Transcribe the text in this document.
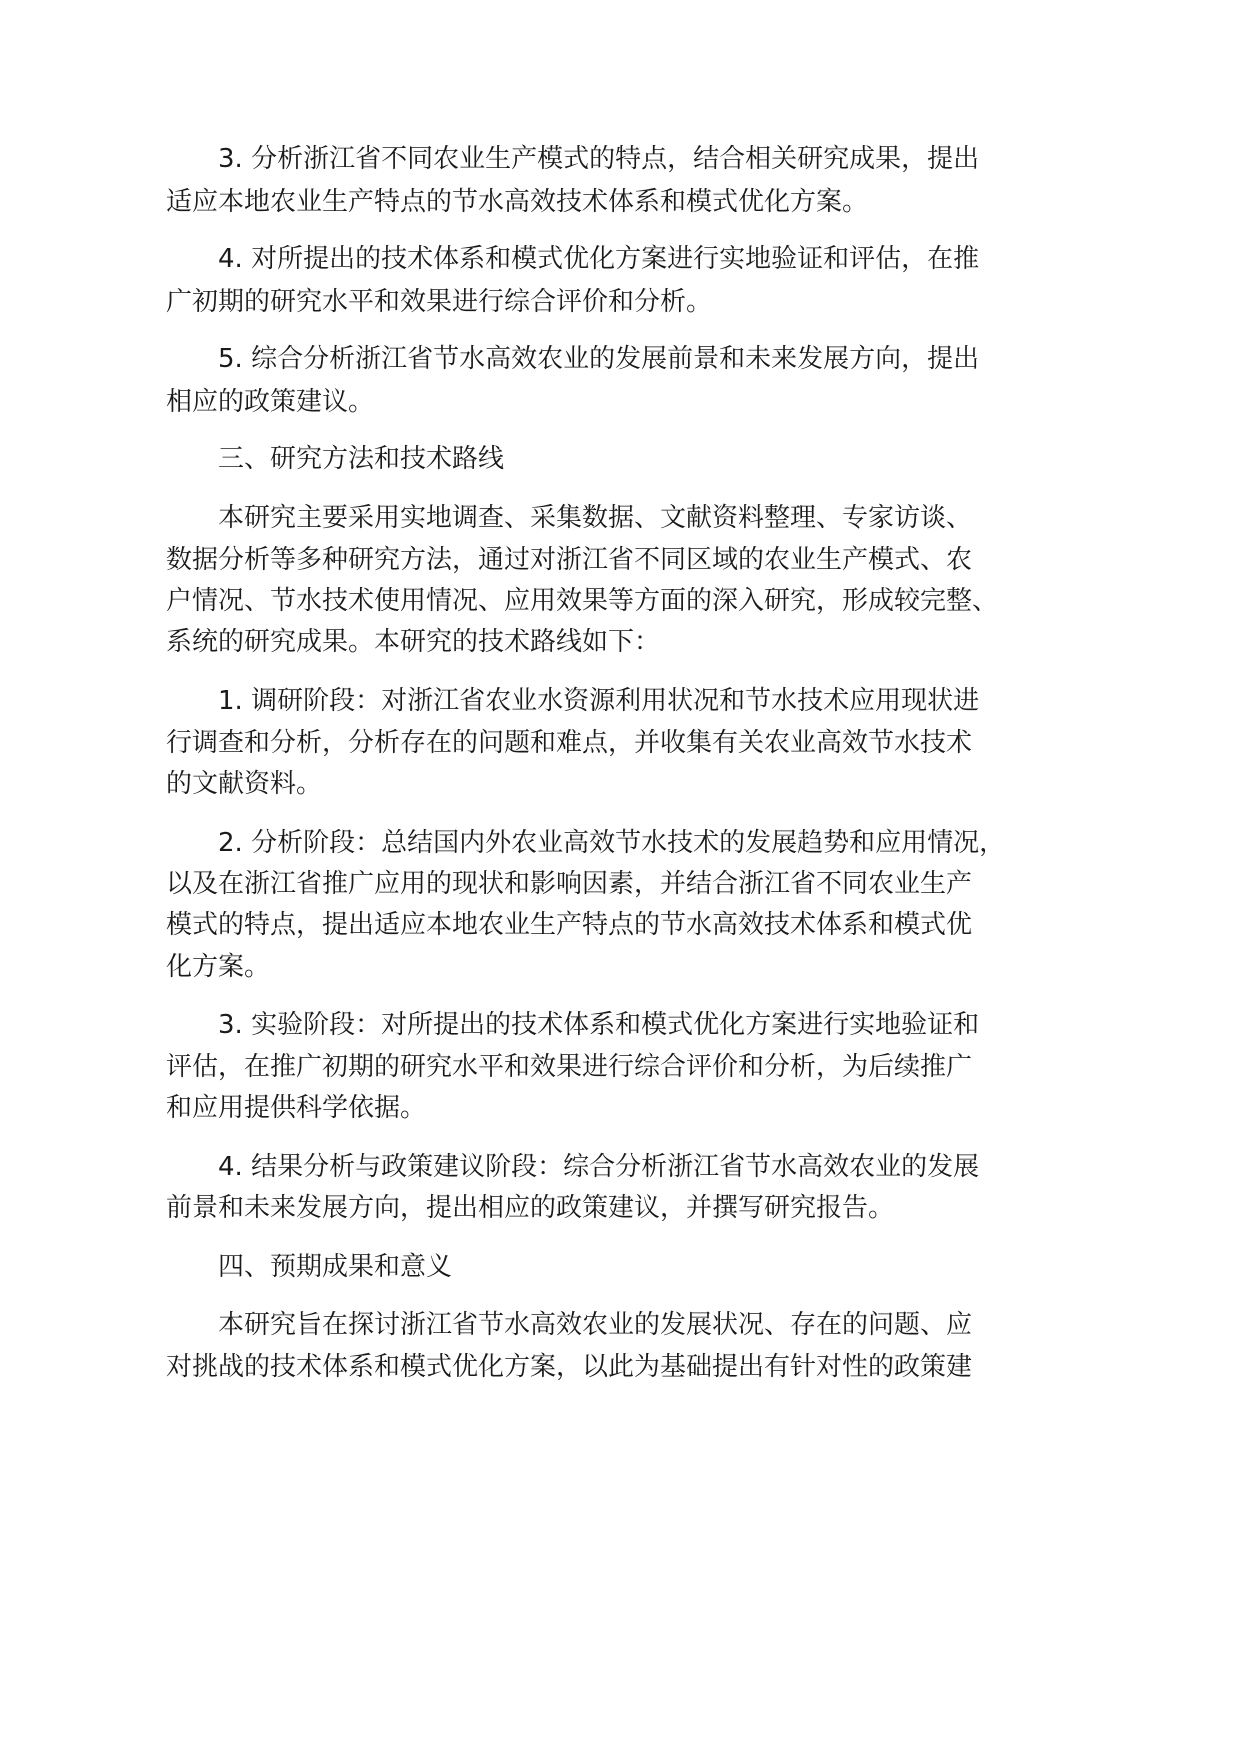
3. 分析浙江省不同农业生产模式的特点，结合相关研究成果，提出
适应本地农业生产特点的节水高效技术体系和模式优化方案。
4. 对所提出的技术体系和模式优化方案进行实地验证和评估，在推
广初期的研究水平和效果进行综合评价和分析。
5. 综合分析浙江省节水高效农业的发展前景和未来发展方向，提出
相应的政策建议。
三、研究方法和技术路线
本研究主要采用实地调查、采集数据、文献资料整理、专家访谈、
数据分析等多种研究方法，通过对浙江省不同区域的农业生产模式、农
户情况、节水技术使用情况、应用效果等方面的深入研究，形成较完整、
系统的研究成果。本研究的技术路线如下：
1. 调研阶段：对浙江省农业水资源利用状况和节水技术应用现状进
行调查和分析，分析存在的问题和难点，并收集有关农业高效节水技术
的文献资料。
2. 分析阶段：总结国内外农业高效节水技术的发展趋势和应用情况，
以及在浙江省推广应用的现状和影响因素，并结合浙江省不同农业生产
模式的特点，提出适应本地农业生产特点的节水高效技术体系和模式优
化方案。
3. 实验阶段：对所提出的技术体系和模式优化方案进行实地验证和
评估，在推广初期的研究水平和效果进行综合评价和分析，为后续推广
和应用提供科学依据。
4. 结果分析与政策建议阶段：综合分析浙江省节水高效农业的发展
前景和未来发展方向，提出相应的政策建议，并撰写研究报告。
四、预期成果和意义
本研究旨在探讨浙江省节水高效农业的发展状况、存在的问题、应
对挑战的技术体系和模式优化方案，以此为基础提出有针对性的政策建
